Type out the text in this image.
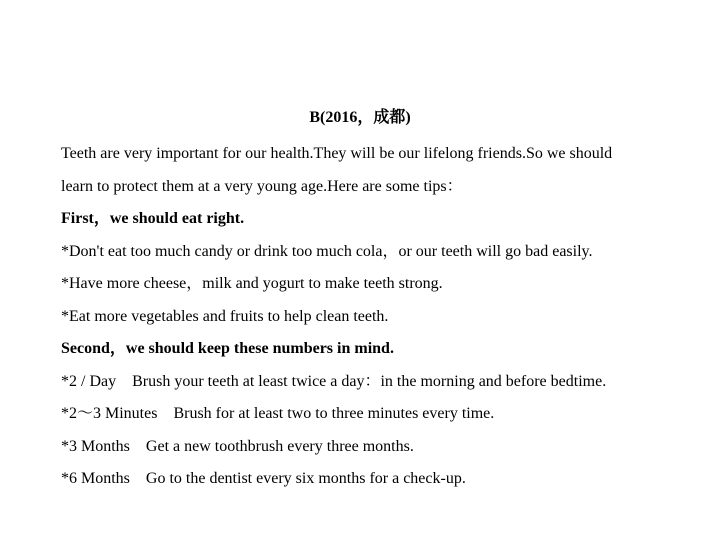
B(2016，成都)
Teeth are very important for our health.They will be our lifelong friends.So we should
learn to protect them at a very young age.Here are some tips：
First，we should eat right.
*Don't eat too much candy or drink too much cola，or our teeth will go bad easily.
*Have more cheese，milk and yogurt to make teeth strong.
*Eat more vegetables and fruits to help clean teeth.
Second，we should keep these numbers in mind.
*2 / Day Brush your teeth at least twice a day：in the morning and before bedtime.
*2～3 Minutes Brush for at least two to three minutes every time.
*3 Months Get a new toothbrush every three months.
*6 Months Go to the dentist every six months for a check-up.
